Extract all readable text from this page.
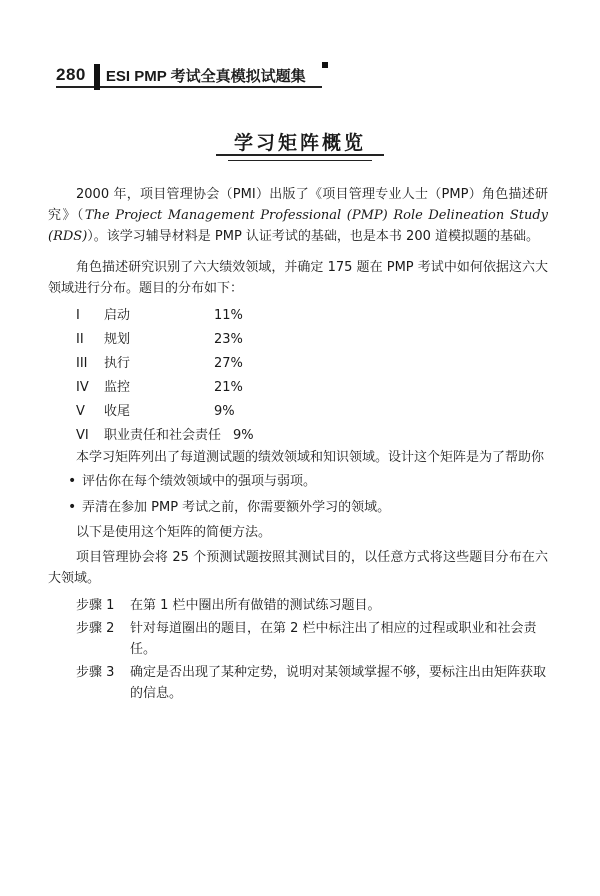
280 ESI PMP 考试全真模拟试题集
学习矩阵概览

2000 年，项目管理协会（PMI）出版了《项目管理专业人士（PMP）角色描述研究》（The Project Management Professional (PMP) Role Delineation Study (RDS)）。该学习辅导材料是 PMP 认证考试的基础，也是本书 200 道模拟题的基础。

角色描述研究识别了六大绩效领域，并确定 175 题在 PMP 考试中如何依据这六大领域进行分布。题目的分布如下：

I	启动	11%
II	规划	23%
III	执行	27%
IV	监控	21%
V	收尾	9%
VI	职业责任和社会责任 9%

本学习矩阵列出了每道测试题的绩效领域和知识领域。设计这个矩阵是为了帮助你

• 评估你在每个绩效领域中的强项与弱项。
• 弄清在参加 PMP 考试之前，你需要额外学习的领域。

以下是使用这个矩阵的简便方法。

项目管理协会将 25 个预测试题按照其测试目的，以任意方式将这些题目分布在六大领域。

步骤 1	在第 1 栏中圈出所有做错的测试练习题目。
步骤 2	针对每道圈出的题目，在第 2 栏中标注出了相应的过程或职业和社会责任。
步骤 3	确定是否出现了某种定势，说明对某领域掌握不够，要标注出由矩阵获取的信息。
